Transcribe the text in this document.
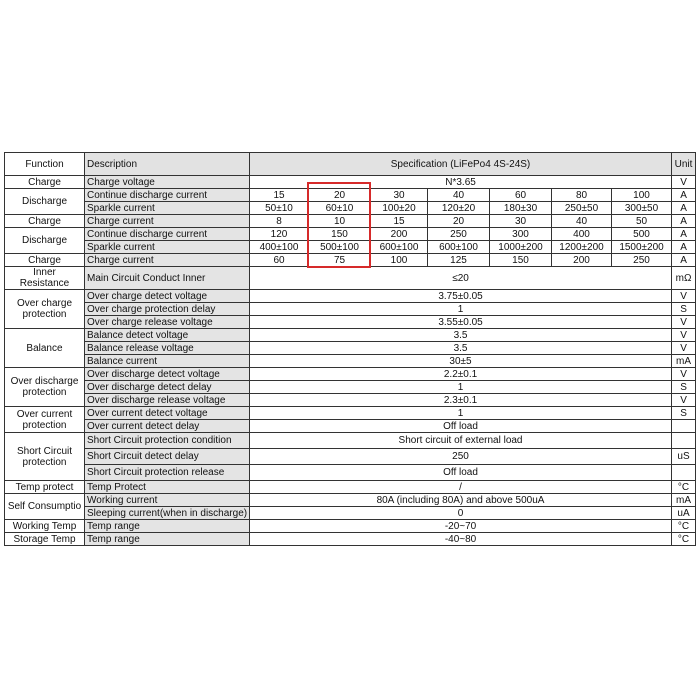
Function	Description	Specification (LiFePo4 4S-24S)							Unit
Charge	Charge voltage	N*3.65							V
Discharge	Continue discharge current	15	20	30	40	60	80	100	A
	Sparkle current	50±10	60±10	100±20	120±20	180±30	250±50	300±50	A
Charge	Charge current	8	10	15	20	30	40	50	A
Discharge	Continue discharge current	120	150	200	250	300	400	500	A
	Sparkle current	400±100	500±100	600±100	600±100	1000±200	1200±200	1500±200	A
Charge	Charge current	60	75	100	125	150	200	250	A
Inner Resistance	Main Circuit Conduct Inner	≤20							mΩ
Over charge protection	Over charge detect voltage	3.75±0.05							V
	Over charge protection delay	1							S
	Over charge release voltage	3.55±0.05							V
Balance	Balance detect voltage	3.5							V
	Balance release voltage	3.5							V
	Balance current	30±5							mA
Over discharge protection	Over discharge detect voltage	2.2±0.1							V
	Over discharge detect delay	1							S
	Over discharge release voltage	2.3±0.1							V
Over current protection	Over current detect voltage	1							S
	Over current detect delay	Off load							
Short Circuit protection	Short Circuit protection condition	Short circuit of external load							
	Short Circuit detect delay	250							uS
	Short Circuit protection release	Off load							
Temp protect	Temp Protect	/							°C
Self Consumptio	Working current	80A (including 80A) and above 500uA							mA
	Sleeping current(when in discharge)	0							uA
Working Temp	Temp range	-20~70							°C
Storage Temp	Temp range	-40~80							°C
